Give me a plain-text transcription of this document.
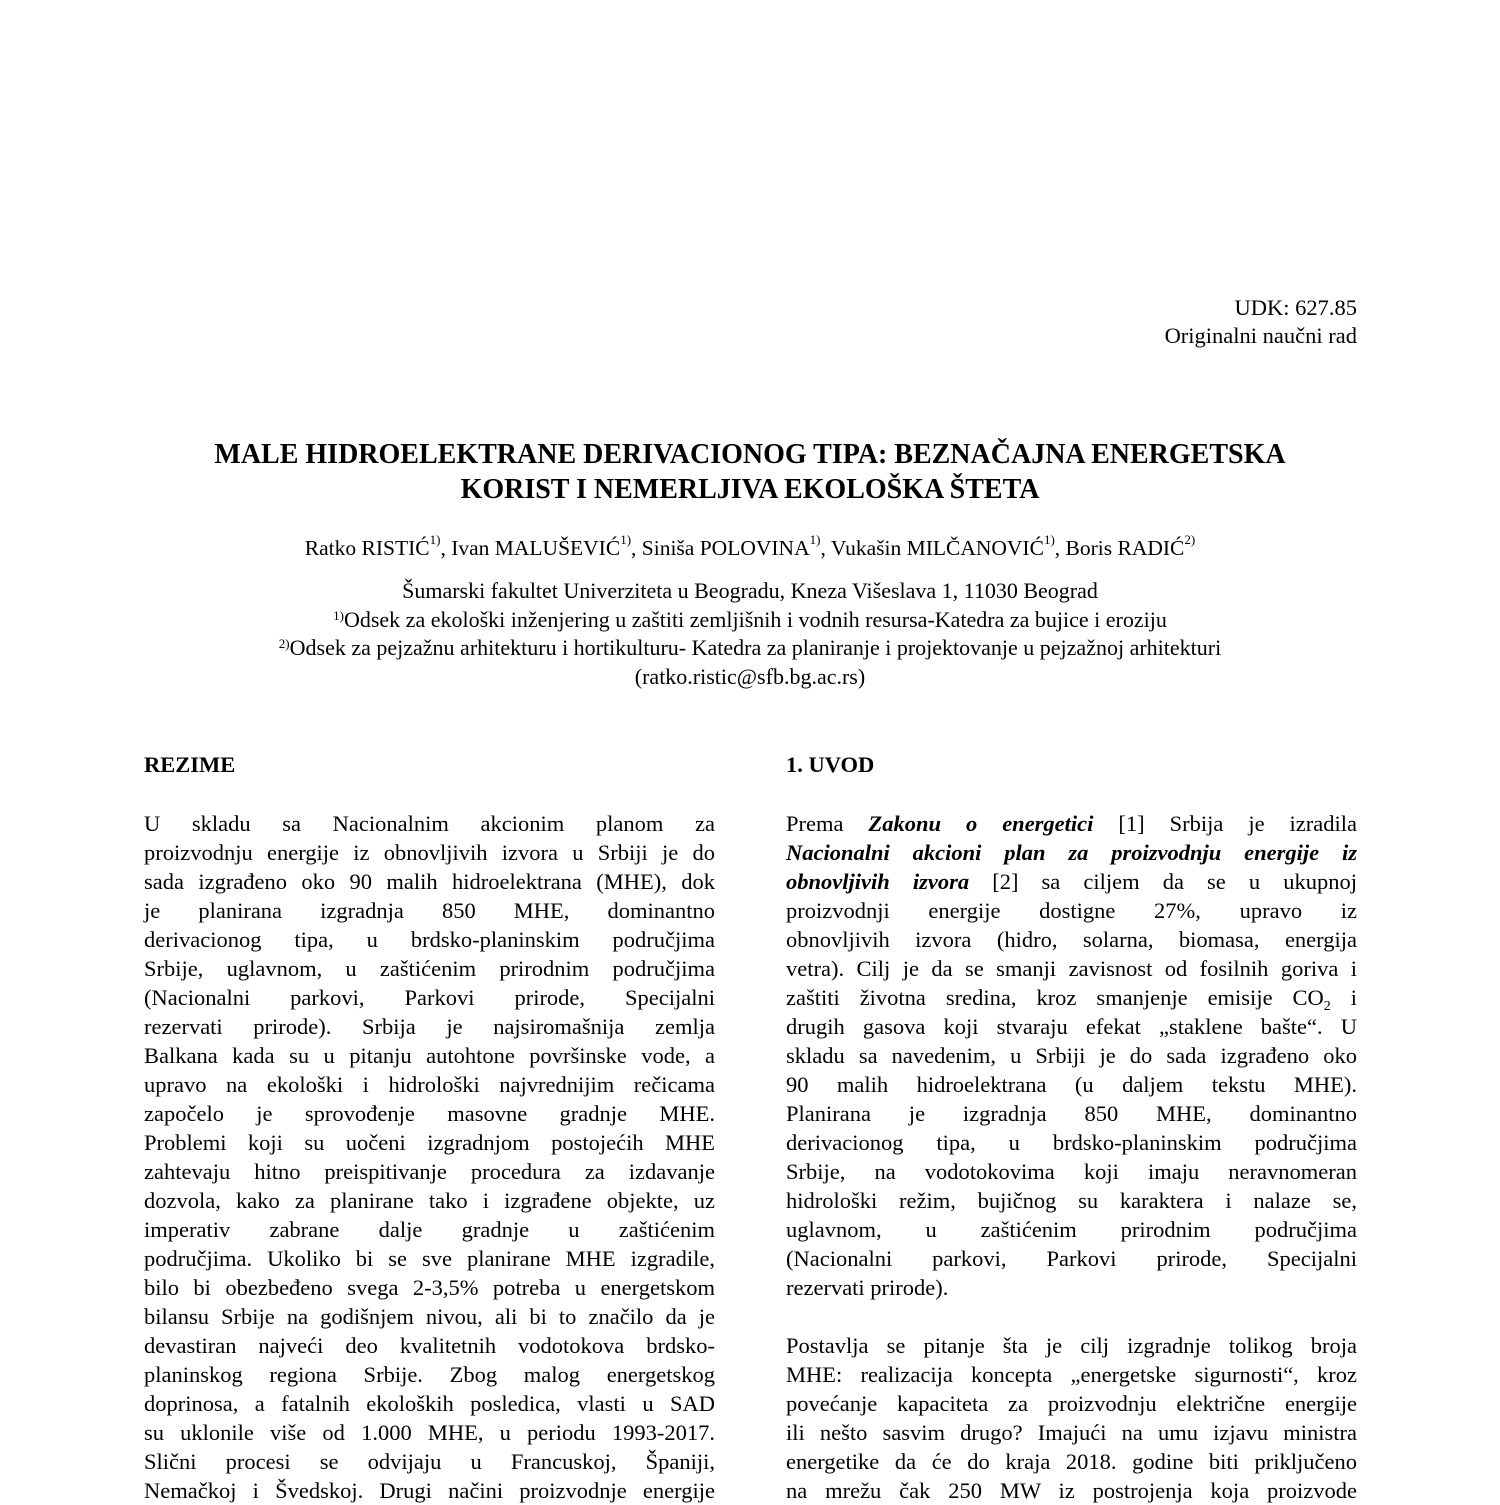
UDK: 627.85
Originalni naučni rad
MALE HIDROELEKTRANE DERIVACIONOG TIPA: BEZNAČAJNA ENERGETSKA
KORIST I NEMERLJIVA EKOLOŠKA ŠTETA
Ratko RISTIĆ$^{1)}$, Ivan MALUŠEVIĆ$^{1)}$, Siniša POLOVINA$^{1)}$, Vukašin MILČANOVIĆ$^{1)}$, Boris RADIĆ$^{2)}$
Šumarski fakultet Univerziteta u Beogradu, Kneza Višeslava 1, 11030 Beograd
$^{1)}$Odsek za ekološki inženjering u zaštiti zemljišnih i vodnih resursa-Katedra za bujice i eroziju
$^{2)}$Odsek za pejzažnu arhitekturu i hortikulturu- Katedra za planiranje i projektovanje u pejzažnoj arhitekturi
(ratko.ristic@sfb.bg.ac.rs)
REZIME	1. UVOD
U skladu sa Nacionalnim akcionim planom za
proizvodnju energije iz obnovljivih izvora u Srbiji je do
sada izgrađeno oko 90 malih hidroelektrana (MHE), dok
je planirana izgradnja 850 MHE, dominantno
derivacionog tipa, u brdsko-planinskim područjima
Srbije, uglavnom, u zaštićenim prirodnim područjima
(Nacionalni parkovi, Parkovi prirode, Specijalni
rezervati prirode). Srbija je najsiromašnija zemlja
Balkana kada su u pitanju autohtone površinske vode, a
upravo na ekološki i hidrološki najvrednijim rečicama
započelo je sprovođenje masovne gradnje MHE.
Problemi koji su uočeni izgradnjom postojećih MHE
zahtevaju hitno preispitivanje procedura za izdavanje
dozvola, kako za planirane tako i izgrađene objekte, uz
imperativ zabrane dalje gradnje u zaštićenim
područjima. Ukoliko bi se sve planirane MHE izgradile,
bilo bi obezbeđeno svega 2-3,5% potreba u energetskom
bilansu Srbije na godišnjem nivou, ali bi to značilo da je
devastiran najveći deo kvalitetnih vodotokova brdsko-
planinskog regiona Srbije. Zbog malog energetskog
doprinosa, a fatalnih ekoloških posledica, vlasti u SAD
su uklonile više od 1.000 MHE, u periodu 1993-2017.
Slični procesi se odvijaju u Francuskoj, Španiji,
Nemačkoj i Švedskoj. Drugi načini proizvodnje energije
Prema Zakonu o energetici [1] Srbija je izradila
Nacionalni akcioni plan za proizvodnju energije iz
obnovljivih izvora [2] sa ciljem da se u ukupnoj
proizvodnji energije dostigne 27%, upravo iz
obnovljivih izvora (hidro, solarna, biomasa, energija
vetra). Cilj je da se smanji zavisnost od fosilnih goriva i
zaštiti životna sredina, kroz smanjenje emisije $CO_2$ i
drugih gasova koji stvaraju efekat „staklene bašte“. U
skladu sa navedenim, u Srbiji je do sada izgrađeno oko
90 malih hidroelektrana (u daljem tekstu MHE).
Planirana je izgradnja 850 MHE, dominantno
derivacionog tipa, u brdsko-planinskim područjima
Srbije, na vodotokovima koji imaju neravnomeran
hidrološki režim, bujičnog su karaktera i nalaze se,
uglavnom, u zaštićenim prirodnim područjima
(Nacionalni parkovi, Parkovi prirode, Specijalni
rezervati prirode).
Postavlja se pitanje šta je cilj izgradnje tolikog broja
MHE: realizacija koncepta „energetske sigurnosti“, kroz
povećanje kapaciteta za proizvodnju električne energije
ili nešto sasvim drugo? Imajući na umu izjavu ministra
energetike da će do kraja 2018. godine biti priključeno
na mrežu čak 250 MW iz postrojenja koja proizvode
